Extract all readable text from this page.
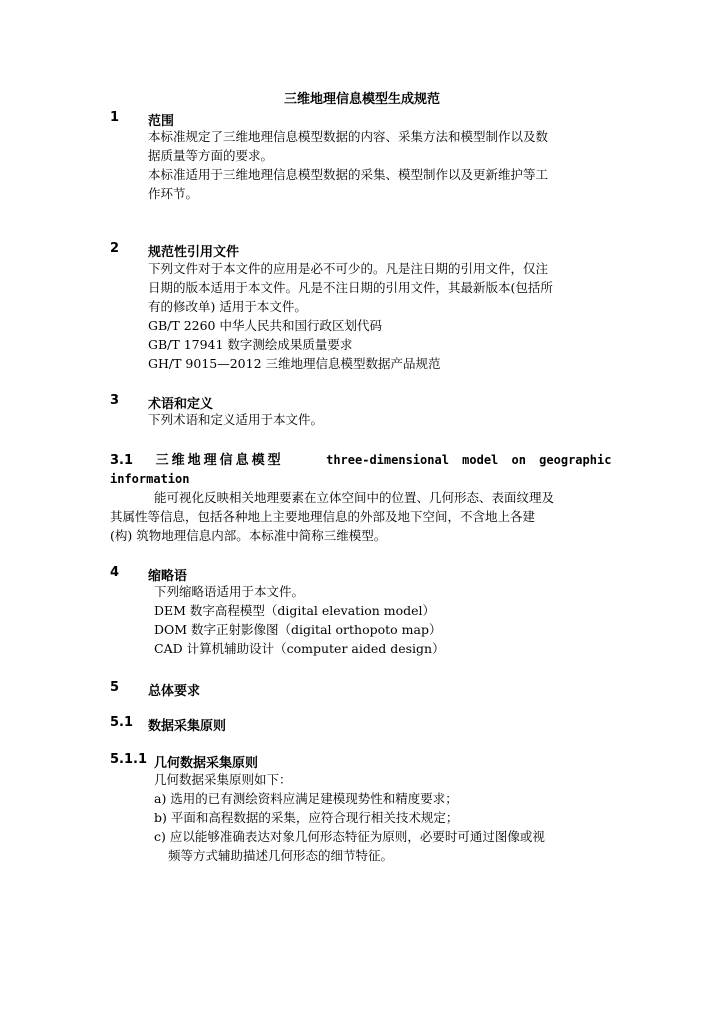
三维地理信息模型生成规范
1 范围
本标准规定了三维地理信息模型数据的内容、采集方法和模型制作以及数
据质量等方面的要求。
本标准适用于三维地理信息模型数据的采集、模型制作以及更新维护等工
作环节。
2 规范性引用文件
下列文件对于本文件的应用是必不可少的。凡是注日期的引用文件，仅注
日期的版本适用于本文件。凡是不注日期的引用文件，其最新版本(包括所
有的修改单) 适用于本文件。
GB/T 2260 中华人民共和国行政区划代码
GB/T 17941 数字测绘成果质量要求
GH/T 9015—2012 三维地理信息模型数据产品规范
3 术语和定义
下列术语和定义适用于本文件。
3.1 三维地理信息模型	three-dimensional model on geographic information
能可视化反映相关地理要素在立体空间中的位置、几何形态、表面纹理及
其属性等信息，包括各种地上主要地理信息的外部及地下空间，不含地上各建
(构) 筑物地理信息内部。本标准中简称三维模型。
4 缩略语
下列缩略语适用于本文件。
DEM 数字高程模型（digital elevation model）
DOM 数字正射影像图（digital orthopoto map）
CAD 计算机辅助设计（computer aided design）
5 总体要求
5.1 数据采集原则
5.1.1 几何数据采集原则
几何数据采集原则如下：
a) 选用的已有测绘资料应满足建模现势性和精度要求；
b) 平面和高程数据的采集，应符合现行相关技术规定；
c) 应以能够准确表达对象几何形态特征为原则，必要时可通过图像或视
频等方式辅助描述几何形态的细节特征。
